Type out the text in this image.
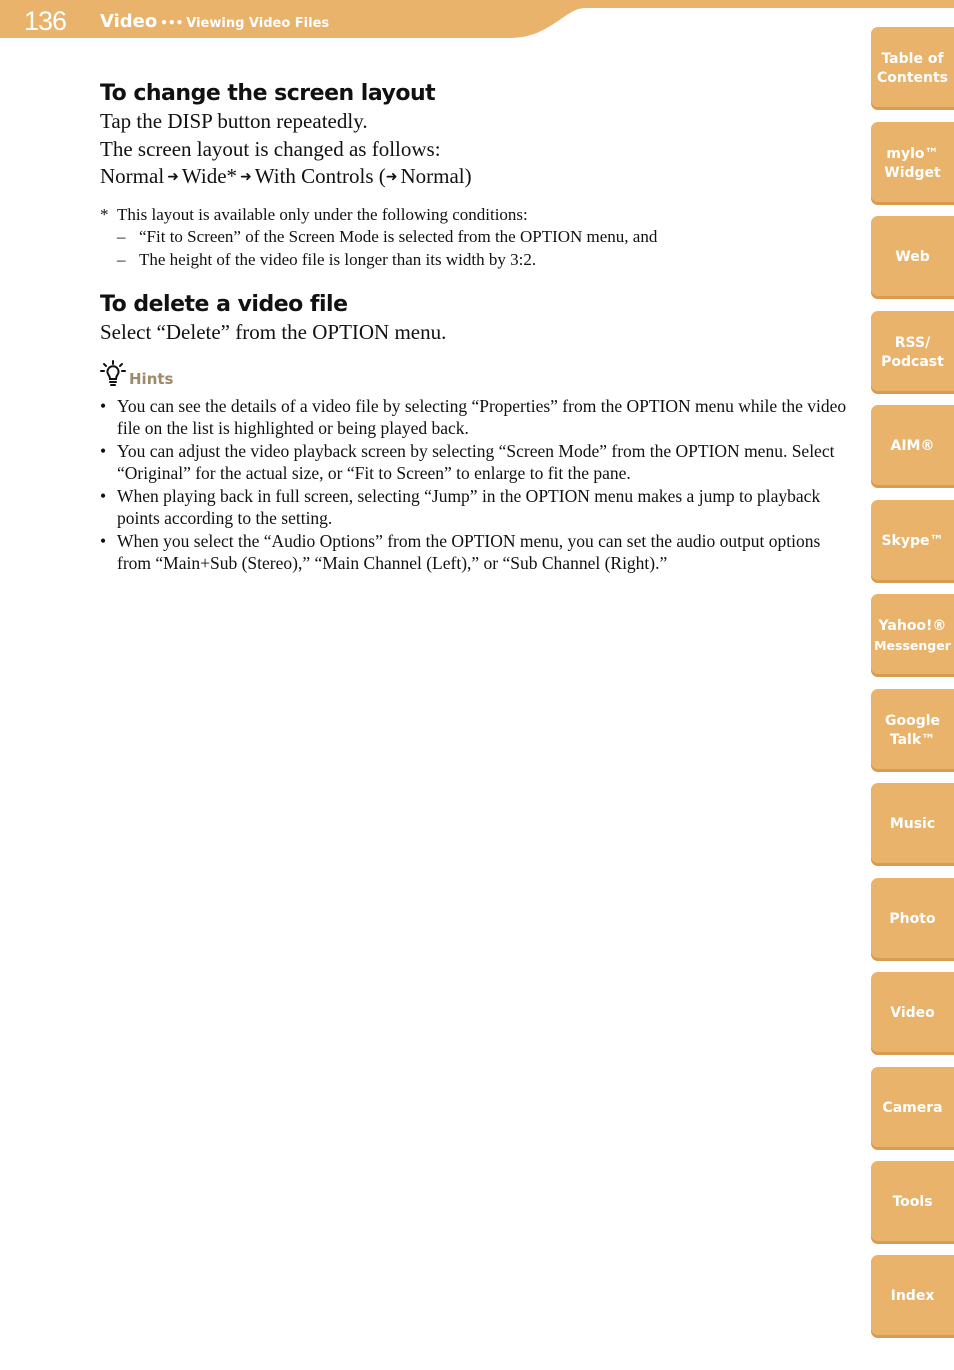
136 Video ••• Viewing Video Files
To change the screen layout
Tap the DISP button repeatedly.
The screen layout is changed as follows:
Normal ➜ Wide* ➜ With Controls (➜ Normal)
* This layout is available only under the following conditions:
– “Fit to Screen” of the Screen Mode is selected from the OPTION menu, and
– The height of the video file is longer than its width by 3:2.
To delete a video file
Select “Delete” from the OPTION menu.
Hints
• You can see the details of a video file by selecting “Properties” from the OPTION menu while the video file on the list is highlighted or being played back.
• You can adjust the video playback screen by selecting “Screen Mode” from the OPTION menu. Select “Original” for the actual size, or “Fit to Screen” to enlarge to fit the pane.
• When playing back in full screen, selecting “Jump” in the OPTION menu makes a jump to playback points according to the setting.
• When you select the “Audio Options” from the OPTION menu, you can set the audio output options from “Main+Sub (Stereo),” “Main Channel (Left),” or “Sub Channel (Right).”
Table of
Contents
mylo™
Widget
Web
RSS/
Podcast
AIM®
Skype™
Yahoo!®
Messenger
Google
Talk™
Music
Photo
Video
Camera
Tools
Index
